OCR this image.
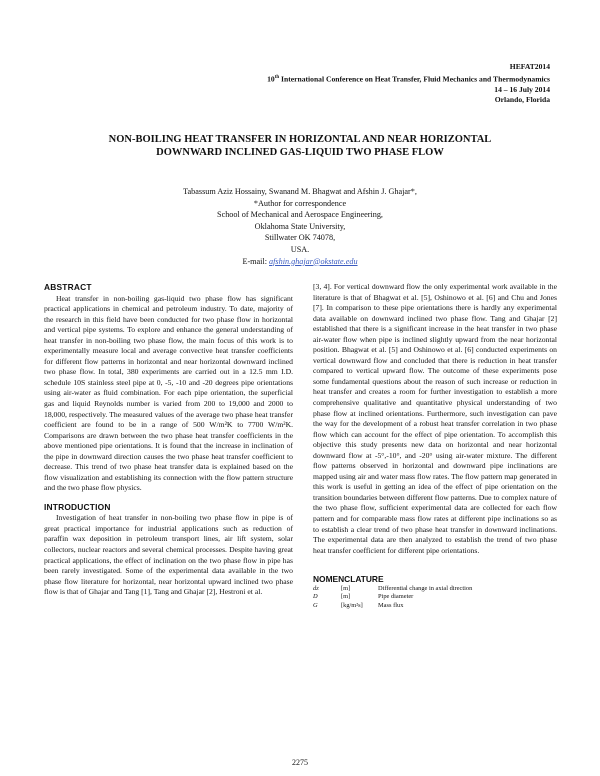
HEFAT2014
10th International Conference on Heat Transfer, Fluid Mechanics and Thermodynamics
14 – 16 July 2014
Orlando, Florida
NON-BOILING HEAT TRANSFER IN HORIZONTAL AND NEAR HORIZONTAL
DOWNWARD INCLINED GAS-LIQUID TWO PHASE FLOW
Tabassum Aziz Hossainy, Swanand M. Bhagwat and Afshin J. Ghajar*,
*Author for correspondence
School of Mechanical and Aerospace Engineering,
Oklahoma State University,
Stillwater OK 74078,
USA.
E-mail: afshin.ghajar@okstate.edu
ABSTRACT

Heat transfer in non-boiling gas-liquid two phase flow has significant practical applications in chemical and petroleum industry. To date, majority of the research in this field have been conducted for two phase flow in horizontal and vertical pipe systems. To explore and enhance the general understanding of heat transfer in non-boiling two phase flow, the main focus of this work is to experimentally measure local and average convective heat transfer coefficients for different flow patterns in horizontal and near horizontal downward inclined two phase flow. In total, 380 experiments are carried out in a 12.5 mm I.D. schedule 10S stainless steel pipe at 0, -5, -10 and -20 degrees pipe orientations using air-water as fluid combination. For each pipe orientation, the superficial gas and liquid Reynolds number is varied from 200 to 19,000 and 2000 to 18,000, respectively. The measured values of the average two phase heat transfer coefficient are found to be in a range of 500 W/m²K to 7700 W/m²K. Comparisons are drawn between the two phase heat transfer coefficients in the above mentioned pipe orientations. It is found that the increase in inclination of the pipe in downward direction causes the two phase heat transfer coefficient to decrease. This trend of two phase heat transfer data is explained based on the flow visualization and establishing its connection with the flow pattern structure and the two phase flow physics.

INTRODUCTION

Investigation of heat transfer in non-boiling two phase flow in pipe is of great practical importance for industrial applications such as reduction of paraffin wax deposition in petroleum transport lines, air lift system, solar collectors, nuclear reactors and several chemical processes. Despite having great practical applications, the effect of inclination on the two phase flow in pipe has been rarely investigated. Some of the experimental data available in the two phase flow literature for horizontal, near horizontal upward inclined two phase flow is that of Ghajar and Tang [1], Tang and Ghajar [2], Hestroni et al.

[3, 4]. For vertical downward flow the only experimental work available in the literature is that of Bhagwat et al. [5], Oshinowo et al. [6] and Chu and Jones [7]. In comparison to these pipe orientations there is hardly any experimental data available on downward inclined two phase flow. Tang and Ghajar [2] established that there is a significant increase in the heat transfer in two phase air-water flow when pipe is inclined slightly upward from the near horizontal position. Bhagwat et al. [5] and Oshinowo et al. [6] conducted experiments on vertical downward flow and concluded that there is reduction in heat transfer compared to vertical upward flow. The outcome of these experiments pose some fundamental questions about the reason of such increase or reduction in heat transfer and creates a room for further investigation to establish a more comprehensive qualitative and quantitative physical understanding of two phase flow at inclined orientations. Furthermore, such investigation can pave the way for the development of a robust heat transfer correlation in two phase flow which can account for the effect of pipe orientation. To accomplish this objective this study presents new data on horizontal and near horizontal downward flow at -5°,-10°, and -20° using air-water mixture. The different flow patterns observed in horizontal and downward pipe inclinations are mapped using air and water mass flow rates. The flow pattern map generated in this work is useful in getting an idea of the effect of pipe orientation on the transition boundaries between different flow patterns. Due to complex nature of the two phase flow, sufficient experimental data are collected for each flow pattern and for comparable mass flow rates at different pipe inclinations so as to establish a clear trend of two phase heat transfer in downward inclinations. The experimental data are then analyzed to establish the trend of two phase heat transfer coefficient for different pipe orientations.

NOMENCLATURE
dz	[m]	Differential change in axial direction
D	[m]	Pipe diameter
G	[kg/m²s]	Mass flux
2275
